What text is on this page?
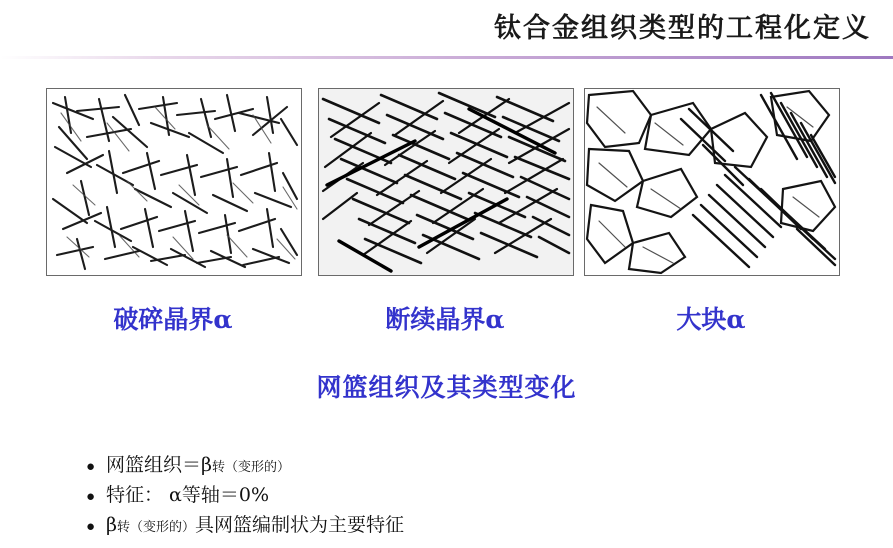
钛合金组织类型的工程化定义
破碎晶界α	断续晶界α	大块α
网篮组织及其类型变化
● 网篮组织＝β转（变形的）
● 特征： α等轴＝0%
● β转（变形的）具网篮编制状为主要特征
